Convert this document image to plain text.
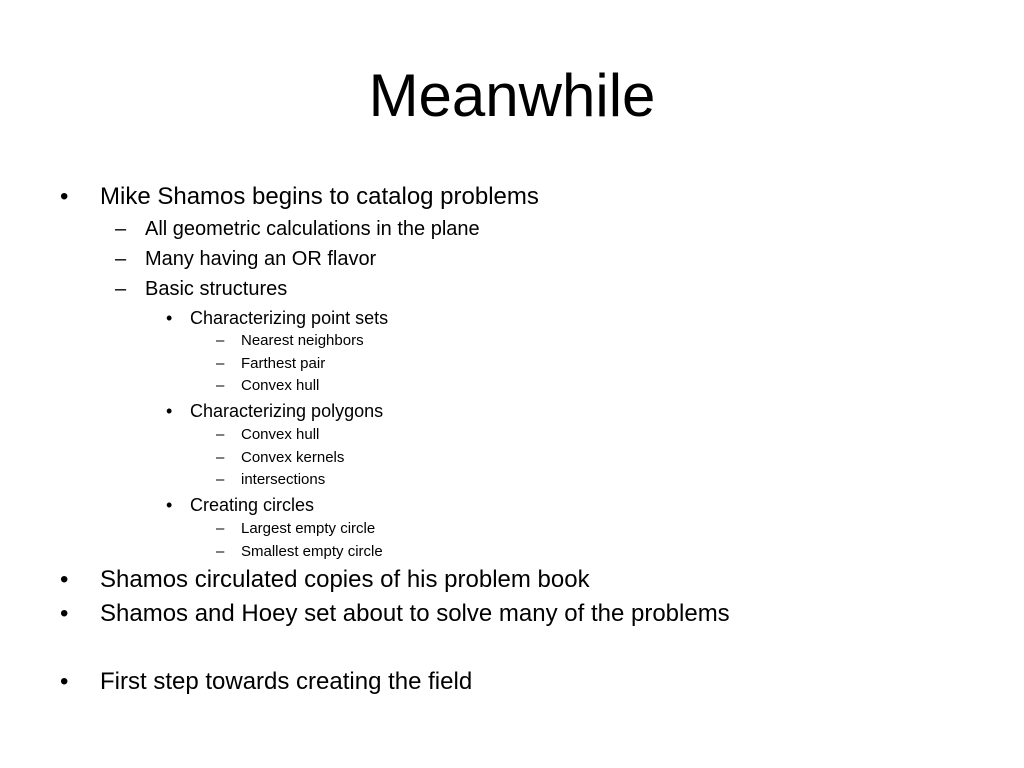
Meanwhile
• Mike Shamos begins to catalog problems
– All geometric calculations in the plane
– Many having an OR flavor
– Basic structures
• Characterizing point sets
– Nearest neighbors
– Farthest pair
– Convex hull
• Characterizing polygons
– Convex hull
– Convex kernels
– intersections
• Creating circles
– Largest empty circle
– Smallest empty circle
• Shamos circulated copies of his problem book
• Shamos and Hoey set about to solve many of the problems
• First step towards creating the field
